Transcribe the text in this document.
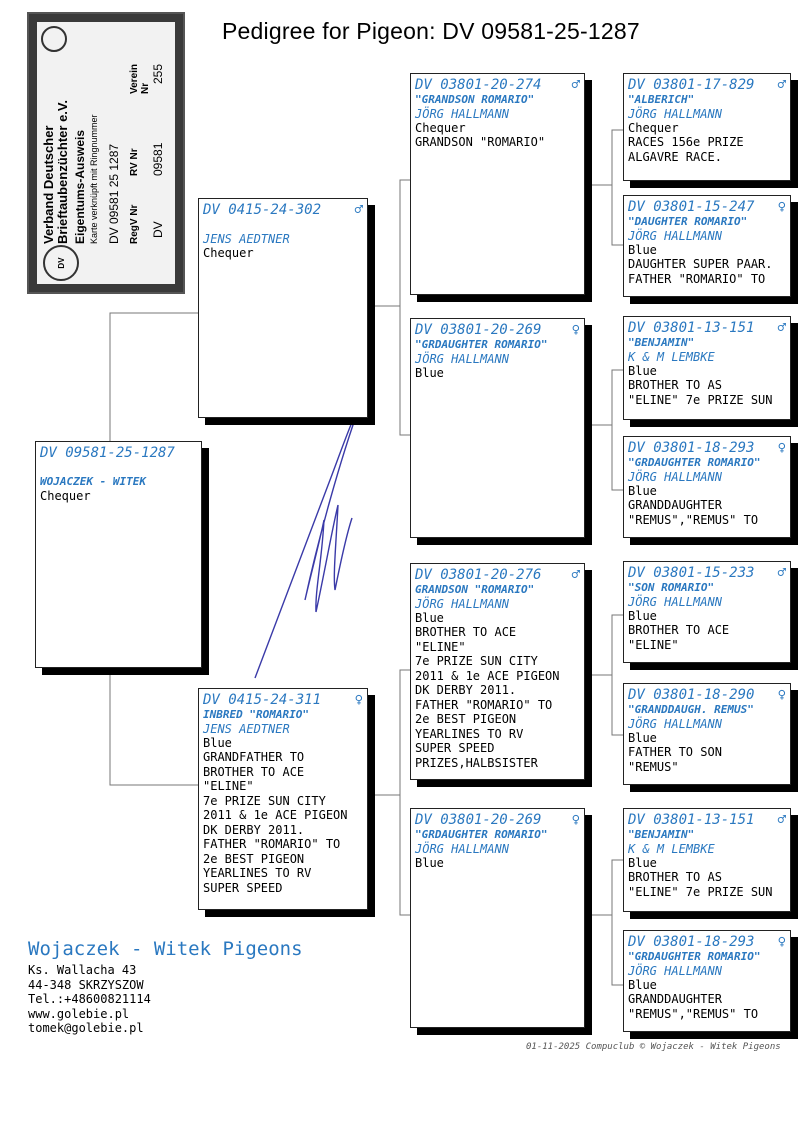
Pedigree for Pigeon: DV 09581-25-1287
DV
Verband Deutscher Brieftaubenzüchter e.V. Eigentums-Ausweis Karte verknüpft mit Ringnummer DV 09581 25 1287 RegV Nr
RV Nr
Verein Nr
DV
09581
255
DV 09581-25-1287
WOJACZEK - WITEK
Chequer
DV 0415-24-302 ♂
JENS AEDTNER
Chequer
DV 0415-24-311 ♀
INBRED "ROMARIO"
JENS AEDTNER
Blue
GRANDFATHER TO
BROTHER TO ACE
"ELINE"
7e PRIZE SUN CITY
2011 & 1e ACE PIGEON
DK DERBY 2011.
FATHER "ROMARIO" TO
2e BEST PIGEON
YEARLINES TO RV
SUPER SPEED
DV 03801-20-274 ♂
"GRANDSON ROMARIO"
JÖRG HALLMANN
Chequer
GRANDSON "ROMARIO"
DV 03801-20-269 ♀
"GRDAUGHTER ROMARIO"
JÖRG HALLMANN
Blue
DV 03801-20-276 ♂
GRANDSON "ROMARIO"
JÖRG HALLMANN
Blue
BROTHER TO ACE
"ELINE"
7e PRIZE SUN CITY
2011 & 1e ACE PIGEON
DK DERBY 2011.
FATHER "ROMARIO" TO
2e BEST PIGEON
YEARLINES TO RV
SUPER SPEED
PRIZES,HALBSISTER
DV 03801-20-269 ♀
"GRDAUGHTER ROMARIO"
JÖRG HALLMANN
Blue
DV 03801-17-829 ♂
"ALBERICH"
JÖRG HALLMANN
Chequer
RACES 156e PRIZE
ALGAVRE RACE.
DV 03801-15-247 ♀
"DAUGHTER ROMARIO"
JÖRG HALLMANN
Blue
DAUGHTER SUPER PAAR.
FATHER "ROMARIO" TO
DV 03801-13-151 ♂
"BENJAMIN"
K & M LEMBKE
Blue
BROTHER TO AS
"ELINE" 7e PRIZE SUN
DV 03801-18-293 ♀
"GRDAUGHTER ROMARIO"
JÖRG HALLMANN
Blue
GRANDDAUGHTER
"REMUS","REMUS" TO
DV 03801-15-233 ♂
"SON ROMARIO"
JÖRG HALLMANN
Blue
BROTHER TO ACE
"ELINE"
DV 03801-18-290 ♀
"GRANDDAUGH. REMUS"
JÖRG HALLMANN
Blue
FATHER TO SON
"REMUS"
DV 03801-13-151 ♂
"BENJAMIN"
K & M LEMBKE
Blue
BROTHER TO AS
"ELINE" 7e PRIZE SUN
DV 03801-18-293 ♀
"GRDAUGHTER ROMARIO"
JÖRG HALLMANN
Blue
GRANDDAUGHTER
"REMUS","REMUS" TO
Wojaczek - Witek Pigeons
Ks. Wallacha 43
44-348 SKRZYSZOW
Tel.:+48600821114
www.golebie.pl
tomek@golebie.pl
01-11-2025 Compuclub © Wojaczek - Witek Pigeons
